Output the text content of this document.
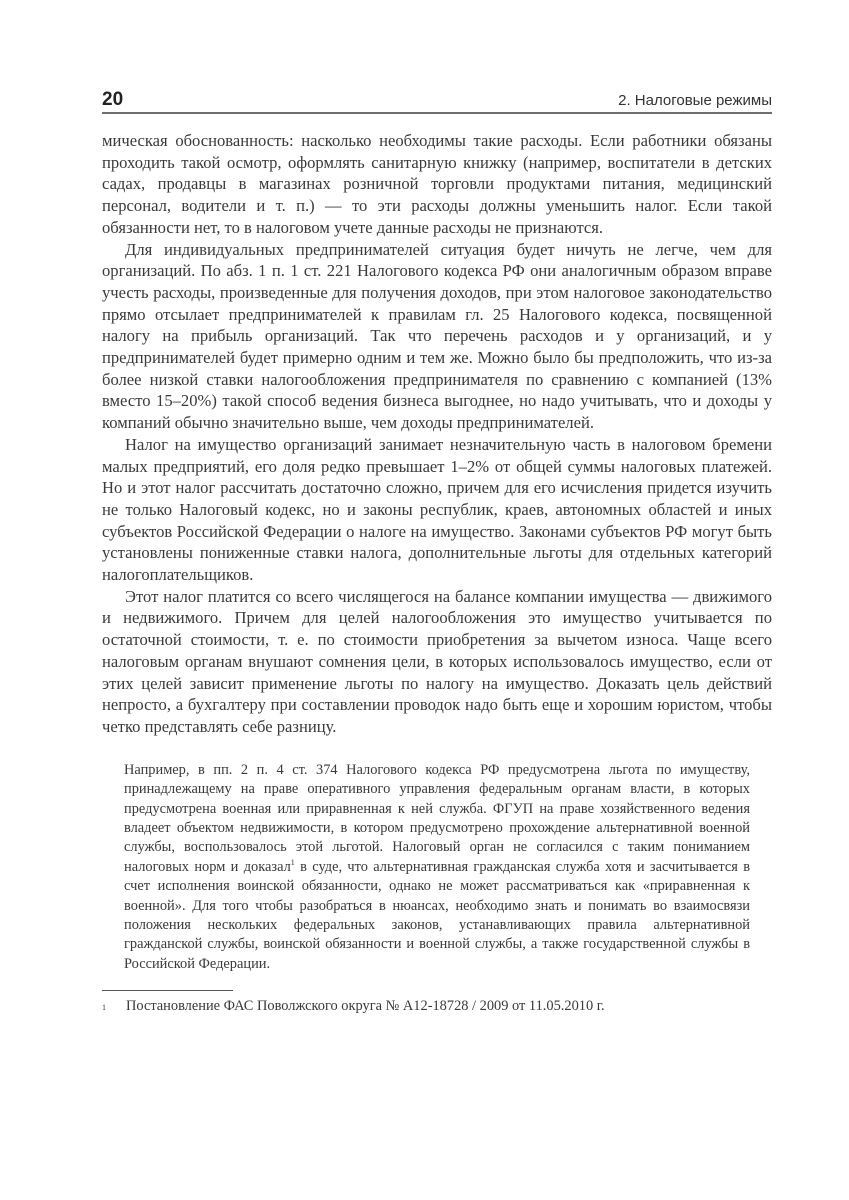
20	2. Налоговые режимы

мическая обоснованность: насколько необходимы такие расходы. Если работники обязаны проходить такой осмотр, оформлять санитарную книжку (например, воспитатели в детских садах, продавцы в магазинах розничной торговли продуктами питания, медицинский персонал, водители и т. п.) — то эти расходы должны уменьшить налог. Если такой обязанности нет, то в налоговом учете данные расходы не признаются.

Для индивидуальных предпринимателей ситуация будет ничуть не легче, чем для организаций. По абз. 1 п. 1 ст. 221 Налогового кодекса РФ они аналогичным образом вправе учесть расходы, произведенные для получения доходов, при этом налоговое законодательство прямо отсылает предпринимателей к правилам гл. 25 Налогового кодекса, посвященной налогу на прибыль организаций. Так что перечень расходов и у организаций, и у предпринимателей будет примерно одним и тем же. Можно было бы предположить, что из-за более низкой ставки налогообложения предпринимателя по сравнению с компанией (13% вместо 15–20%) такой способ ведения бизнеса выгоднее, но надо учитывать, что и доходы у компаний обычно значительно выше, чем доходы предпринимателей.

Налог на имущество организаций занимает незначительную часть в налоговом бремени малых предприятий, его доля редко превышает 1–2% от общей суммы налоговых платежей. Но и этот налог рассчитать достаточно сложно, причем для его исчисления придется изучить не только Налоговый кодекс, но и законы республик, краев, автономных областей и иных субъектов Российской Федерации о налоге на имущество. Законами субъектов РФ могут быть установлены пониженные ставки налога, дополнительные льготы для отдельных категорий налогоплательщиков.

Этот налог платится со всего числящегося на балансе компании имущества — движимого и недвижимого. Причем для целей налогообложения это имущество учитывается по остаточной стоимости, т. е. по стоимости приобретения за вычетом износа. Чаще всего налоговым органам внушают сомнения цели, в которых использовалось имущество, если от этих целей зависит применение льготы по налогу на имущество. Доказать цель действий непросто, а бухгалтеру при составлении проводок надо быть еще и хорошим юристом, чтобы четко представлять себе разницу.

Например, в пп. 2 п. 4 ст. 374 Налогового кодекса РФ предусмотрена льгота по имуществу, принадлежащему на праве оперативного управления федеральным органам власти, в которых предусмотрена военная или приравненная к ней служба. ФГУП на праве хозяйственного ведения владеет объектом недвижимости, в котором предусмотрено прохождение альтернативной военной службы, воспользовалось этой льготой. Налоговый орган не согласился с таким пониманием налоговых норм и доказал$^1$ в суде, что альтернативная гражданская служба хотя и засчитывается в счет исполнения воинской обязанности, однако не может рассматриваться как «приравненная к военной». Для того чтобы разобраться в нюансах, необходимо знать и понимать во взаимосвязи положения нескольких федеральных законов, устанавливающих правила альтернативной гражданской службы, воинской обязанности и военной службы, а также государственной службы в Российской Федерации.
1	Постановление ФАС Поволжского округа № А12-18728 / 2009 от 11.05.2010 г.
